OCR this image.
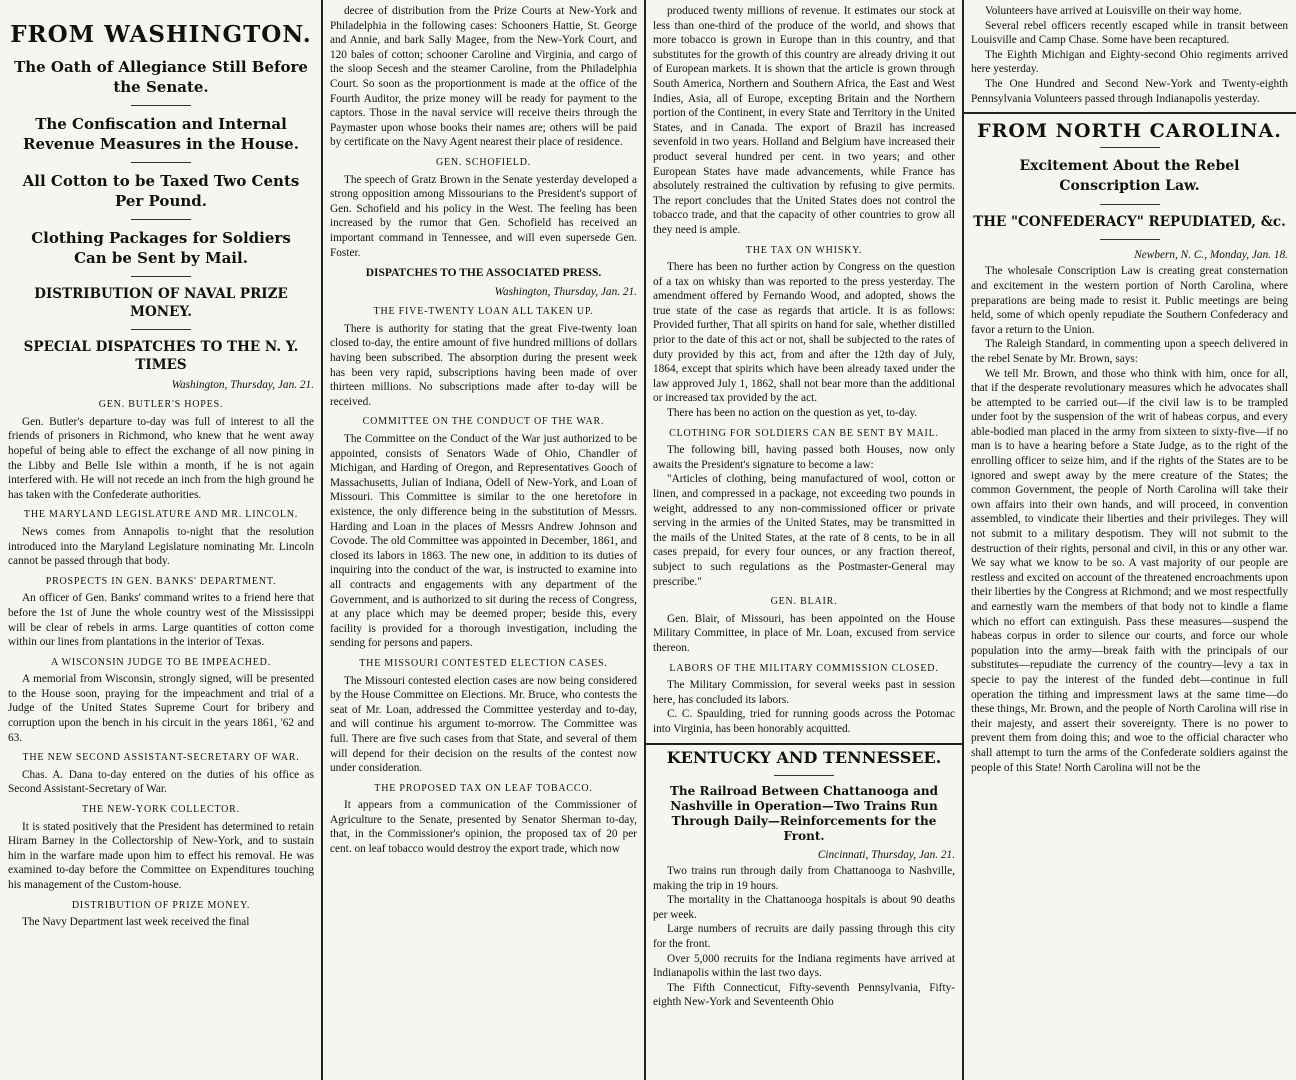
FROM WASHINGTON.
The Oath of Allegiance Still Before the Senate.
The Confiscation and Internal Revenue Measures in the House.
All Cotton to be Taxed Two Cents Per Pound.
Clothing Packages for Soldiers Can be Sent by Mail.
DISTRIBUTION OF NAVAL PRIZE MONEY.
SPECIAL DISPATCHES TO THE N. Y. TIMES
Washington, Thursday, Jan. 21.
GEN. BUTLER'S HOPES.

Gen. Butler's departure to-day was full of interest to all the friends of prisoners in Richmond, who knew that he went away hopeful of being able to effect the exchange of all now pining in the Libby and Belle Isle within a month, if he is not again interfered with. He will not recede an inch from the high ground he has taken with the Confederate authorities.

THE MARYLAND LEGISLATURE AND MR. LINCOLN.

News comes from Annapolis to-night that the resolution introduced into the Maryland Legislature nominating Mr. Lincoln cannot be passed through that body.

PROSPECTS IN GEN. BANKS' DEPARTMENT.

An officer of Gen. Banks' command writes to a friend here that before the 1st of June the whole country west of the Mississippi will be clear of rebels in arms. Large quantities of cotton come within our lines from plantations in the interior of Texas.

A WISCONSIN JUDGE TO BE IMPEACHED.

A memorial from Wisconsin, strongly signed, will be presented to the House soon, praying for the impeachment and trial of a Judge of the United States Supreme Court for bribery and corruption upon the bench in his circuit in the years 1861, '62 and 63.

THE NEW SECOND ASSISTANT-SECRETARY OF WAR.

Chas. A. Dana to-day entered on the duties of his office as Second Assistant-Secretary of War.

THE NEW-YORK COLLECTOR.

It is stated positively that the President has determined to retain Hiram Barney in the Collectorship of New-York, and to sustain him in the warfare made upon him to effect his removal. He was examined to-day before the Committee on Expenditures touching his management of the Custom-house.

DISTRIBUTION OF PRIZE MONEY.

The Navy Department last week received the final

decree of distribution from the Prize Courts at New-York and Philadelphia in the following cases: Schooners Hattie, St. George and Annie, and bark Sally Magee, from the New-York Court, and 120 bales of cotton; schooner Caroline and Virginia, and cargo of the sloop Secesh and the steamer Caroline, from the Philadelphia Court. So soon as the proportionment is made at the office of the Fourth Auditor, the prize money will be ready for payment to the captors. Those in the naval service will receive theirs through the Paymaster upon whose books their names are; others will be paid by certificate on the Navy Agent nearest their place of residence.

GEN. SCHOFIELD.

The speech of Gratz Brown in the Senate yesterday developed a strong opposition among Missourians to the President's support of Gen. Schofield and his policy in the West. The feeling has been increased by the rumor that Gen. Schofield has received an important command in Tennessee, and will even supersede Gen. Foster.

DISPATCHES TO THE ASSOCIATED PRESS.
Washington, Thursday, Jan. 21.
THE FIVE-TWENTY LOAN ALL TAKEN UP.

There is authority for stating that the great Five-twenty loan closed to-day, the entire amount of five hundred millions of dollars having been subscribed. The absorption during the present week has been very rapid, subscriptions having been made of over thirteen millions. No subscriptions made after to-day will be received.

COMMITTEE ON THE CONDUCT OF THE WAR.

The Committee on the Conduct of the War just authorized to be appointed, consists of Senators Wade of Ohio, Chandler of Michigan, and Harding of Oregon, and Representatives Gooch of Massachusetts, Julian of Indiana, Odell of New-York, and Loan of Missouri. This Committee is similar to the one heretofore in existence, the only difference being in the substitution of Messrs. Harding and Loan in the places of Messrs Andrew Johnson and Covode. The old Committee was appointed in December, 1861, and closed its labors in 1863. The new one, in addition to its duties of inquiring into the conduct of the war, is instructed to examine into all contracts and engagements with any department of the Government, and is authorized to sit during the recess of Congress, at any place which may be deemed proper; beside this, every facility is provided for a thorough investigation, including the sending for persons and papers.

THE MISSOURI CONTESTED ELECTION CASES.

The Missouri contested election cases are now being considered by the House Committee on Elections. Mr. Bruce, who contests the seat of Mr. Loan, addressed the Committee yesterday and to-day, and will continue his argument to-morrow. The Committee was full. There are five such cases from that State, and several of them will depend for their decision on the results of the contest now under consideration.

THE PROPOSED TAX ON LEAF TOBACCO.

It appears from a communication of the Commissioner of Agriculture to the Senate, presented by Senator Sherman to-day, that, in the Commissioner's opinion, the proposed tax of 20 per cent. on leaf tobacco would destroy the export trade, which now

produced twenty millions of revenue. It estimates our stock at less than one-third of the produce of the world, and shows that more tobacco is grown in Europe than in this country, and that substitutes for the growth of this country are already driving it out of European markets. It is shown that the article is grown through South America, Northern and Southern Africa, the East and West Indies, Asia, all of Europe, excepting Britain and the Northern portion of the Continent, in every State and Territory in the United States, and in Canada. The export of Brazil has increased sevenfold in two years. Holland and Belgium have increased their product several hundred per cent. in two years; and other European States have made advancements, while France has absolutely restrained the cultivation by refusing to give permits. The report concludes that the United States does not control the tobacco trade, and that the capacity of other countries to grow all they need is ample.

THE TAX ON WHISKY.

There has been no further action by Congress on the question of a tax on whisky than was reported to the press yesterday. The amendment offered by Fernando Wood, and adopted, shows the true state of the case as regards that article. It is as follows: Provided further, That all spirits on hand for sale, whether distilled prior to the date of this act or not, shall be subjected to the rates of duty provided by this act, from and after the 12th day of July, 1864, except that spirits which have been already taxed under the law approved July 1, 1862, shall not bear more than the additional or increased tax provided by the act.

There has been no action on the question as yet, to-day.

CLOTHING FOR SOLDIERS CAN BE SENT BY MAIL.

The following bill, having passed both Houses, now only awaits the President's signature to become a law:

"Articles of clothing, being manufactured of wool, cotton or linen, and compressed in a package, not exceeding two pounds in weight, addressed to any non-commissioned officer or private serving in the armies of the United States, may be transmitted in the mails of the United States, at the rate of 8 cents, to be in all cases prepaid, for every four ounces, or any fraction thereof, subject to such regulations as the Postmaster-General may prescribe."

GEN. BLAIR.

Gen. Blair, of Missouri, has been appointed on the House Military Committee, in place of Mr. Loan, excused from service thereon.

LABORS OF THE MILITARY COMMISSION CLOSED.

The Military Commission, for several weeks past in session here, has concluded its labors.

C. C. Spaulding, tried for running goods across the Potomac into Virginia, has been honorably acquitted.

KENTUCKY AND TENNESSEE.
The Railroad Between Chattanooga and Nashville in Operation—Two Trains Run Through Daily—Reinforcements for the Front.
Cincinnati, Thursday, Jan. 21.

Two trains run through daily from Chattanooga to Nashville, making the trip in 19 hours.

The mortality in the Chattanooga hospitals is about 90 deaths per week.

Large numbers of recruits are daily passing through this city for the front.

Over 5,000 recruits for the Indiana regiments have arrived at Indianapolis within the last two days.

The Fifth Connecticut, Fifty-seventh Pennsylvania, Fifty-eighth New-York and Seventeenth Ohio

Volunteers have arrived at Louisville on their way home.

Several rebel officers recently escaped while in transit between Louisville and Camp Chase. Some have been recaptured.

The Eighth Michigan and Eighty-second Ohio regiments arrived here yesterday.

The One Hundred and Second New-York and Twenty-eighth Pennsylvania Volunteers passed through Indianapolis yesterday.

FROM NORTH CAROLINA.
Excitement About the Rebel Conscription Law.
THE "CONFEDERACY" REPUDIATED, &c.
Newbern, N. C., Monday, Jan. 18.

The wholesale Conscription Law is creating great consternation and excitement in the western portion of North Carolina, where preparations are being made to resist it. Public meetings are being held, some of which openly repudiate the Southern Confederacy and favor a return to the Union.

The Raleigh Standard, in commenting upon a speech delivered in the rebel Senate by Mr. Brown, says:

We tell Mr. Brown, and those who think with him, once for all, that if the desperate revolutionary measures which he advocates shall be attempted to be carried out—if the civil law is to be trampled under foot by the suspension of the writ of habeas corpus, and every able-bodied man placed in the army from sixteen to sixty-five—if no man is to have a hearing before a State Judge, as to the right of the enrolling officer to seize him, and if the rights of the States are to be ignored and swept away by the mere creature of the States; the common Government, the people of North Carolina will take their own affairs into their own hands, and will proceed, in convention assembled, to vindicate their liberties and their privileges. They will not submit to a military despotism. They will not submit to the destruction of their rights, personal and civil, in this or any other war. We say what we know to be so. A vast majority of our people are restless and excited on account of the threatened encroachments upon their liberties by the Congress at Richmond; and we most respectfully and earnestly warn the members of that body not to kindle a flame which no effort can extinguish. Pass these measures—suspend the habeas corpus in order to silence our courts, and force our whole population into the army—break faith with the principals of our substitutes—repudiate the currency of the country—levy a tax in specie to pay the interest of the funded debt—continue in full operation the tithing and impressment laws at the same time—do these things, Mr. Brown, and the people of North Carolina will rise in their majesty, and assert their sovereignty. There is no power to prevent them from doing this; and woe to the official character who shall attempt to turn the arms of the Confederate soldiers against the people of this State! North Carolina will not be the
